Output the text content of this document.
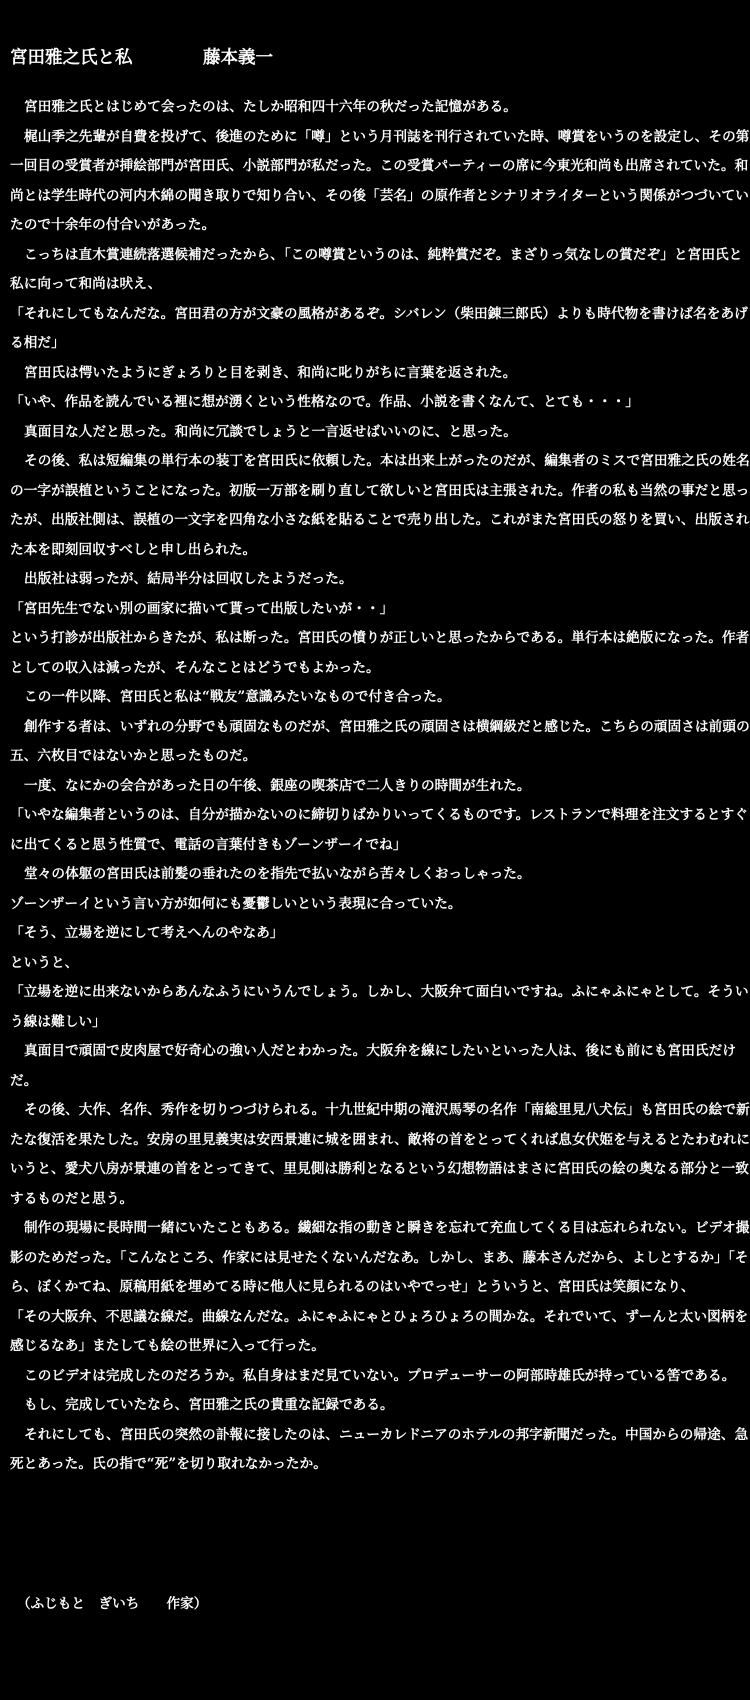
宮田雅之氏と私	藤本義一

宮田雅之氏とはじめて会ったのは、たしか昭和四十六年の秋だった記憶がある。

梶山季之先輩が自費を投げて、後進のために「噂」という月刊誌を刊行されていた時、噂賞をいうのを設定し、その第一回目の受賞者が挿絵部門が宮田氏、小説部門が私だった。この受賞パーティーの席に今東光和尚も出席されていた。和尚とは学生時代の河内木綿の聞き取りで知り合い、その後「芸名」の原作者とシナリオライターという関係がつづいていたので十余年の付合いがあった。

こっちは直木賞連続落選候補だったから、「この噂賞というのは、純粋賞だぞ。まざりっ気なしの賞だぞ」と宮田氏と私に向って和尚は吠え、

「それにしてもなんだな。宮田君の方が文豪の風格があるぞ。シバレン（柴田錬三郎氏）よりも時代物を書けば名をあげる相だ」

宮田氏は愕いたようにぎょろりと目を剥き、和尚に叱りがちに言葉を返された。

「いや、作品を読んでいる裡に想が湧くという性格なので。作品、小説を書くなんて、とても・・・」

真面目な人だと思った。和尚に冗談でしょうと一言返せばいいのに、と思った。

その後、私は短編集の単行本の装丁を宮田氏に依頼した。本は出来上がったのだが、編集者のミスで宮田雅之氏の姓名の一字が誤植ということになった。初版一万部を刷り直して欲しいと宮田氏は主張された。作者の私も当然の事だと思ったが、出版社側は、誤植の一文字を四角な小さな紙を貼ることで売り出した。これがまた宮田氏の怒りを買い、出版された本を即刻回収すべしと申し出られた。

出版社は弱ったが、結局半分は回収したようだった。

「宮田先生でない別の画家に描いて貰って出版したいが・・」

という打診が出版社からきたが、私は断った。宮田氏の憤りが正しいと思ったからである。単行本は絶版になった。作者としての収入は減ったが、そんなことはどうでもよかった。

この一件以降、宮田氏と私は“戦友”意識みたいなもので付き合った。

創作する者は、いずれの分野でも頑固なものだが、宮田雅之氏の頑固さは横綱級だと感じた。こちらの頑固さは前頭の五、六枚目ではないかと思ったものだ。

一度、なにかの会合があった日の午後、銀座の喫茶店で二人きりの時間が生れた。

「いやな編集者というのは、自分が描かないのに締切りばかりいってくるものです。レストランで料理を注文するとすぐに出てくると思う性質で、電話の言葉付きもゾーンザーイでね」

堂々の体躯の宮田氏は前髪の垂れたのを指先で払いながら苦々しくおっしゃった。

ゾーンザーイという言い方が如何にも憂鬱しいという表現に合っていた。

「そう、立場を逆にして考えへんのやなあ」

というと、

「立場を逆に出来ないからあんなふうにいうんでしょう。しかし、大阪弁て面白いですね。ふにゃふにゃとして。そういう線は難しい」

真面目で頑固で皮肉屋で好奇心の強い人だとわかった。大阪弁を線にしたいといった人は、後にも前にも宮田氏だけだ。

その後、大作、名作、秀作を切りつづけられる。十九世紀中期の滝沢馬琴の名作「南総里見八犬伝」も宮田氏の絵で新たな復活を果たした。安房の里見義実は安西景連に城を囲まれ、敵将の首をとってくれば息女伏姫を与えるとたわむれにいうと、愛犬八房が景連の首をとってきて、里見側は勝利となるという幻想物語はまさに宮田氏の絵の奥なる部分と一致するものだと思う。

制作の現場に長時間一緒にいたこともある。繊細な指の動きと瞬きを忘れて充血してくる目は忘れられない。ビデオ撮影のためだった。「こんなところ、作家には見せたくないんだなあ。しかし、まあ、藤本さんだから、よしとするか」「そら、ぼくかてね、原稿用紙を埋めてる時に他人に見られるのはいやでっせ」とういうと、宮田氏は笑顔になり、

「その大阪弁、不思議な線だ。曲線なんだな。ふにゃふにゃとひょろひょろの間かな。それでいて、ずーんと太い図柄を感じるなあ」またしても絵の世界に入って行った。

このビデオは完成したのだろうか。私自身はまだ見ていない。プロデューサーの阿部時雄氏が持っている筈である。

もし、完成していたなら、宮田雅之氏の貴重な記録である。

それにしても、宮田氏の突然の訃報に接したのは、ニューカレドニアのホテルの邦字新聞だった。中国からの帰途、急死とあった。氏の指で“死”を切り取れなかったか。

（ふじもと　ぎいち　　作家）
